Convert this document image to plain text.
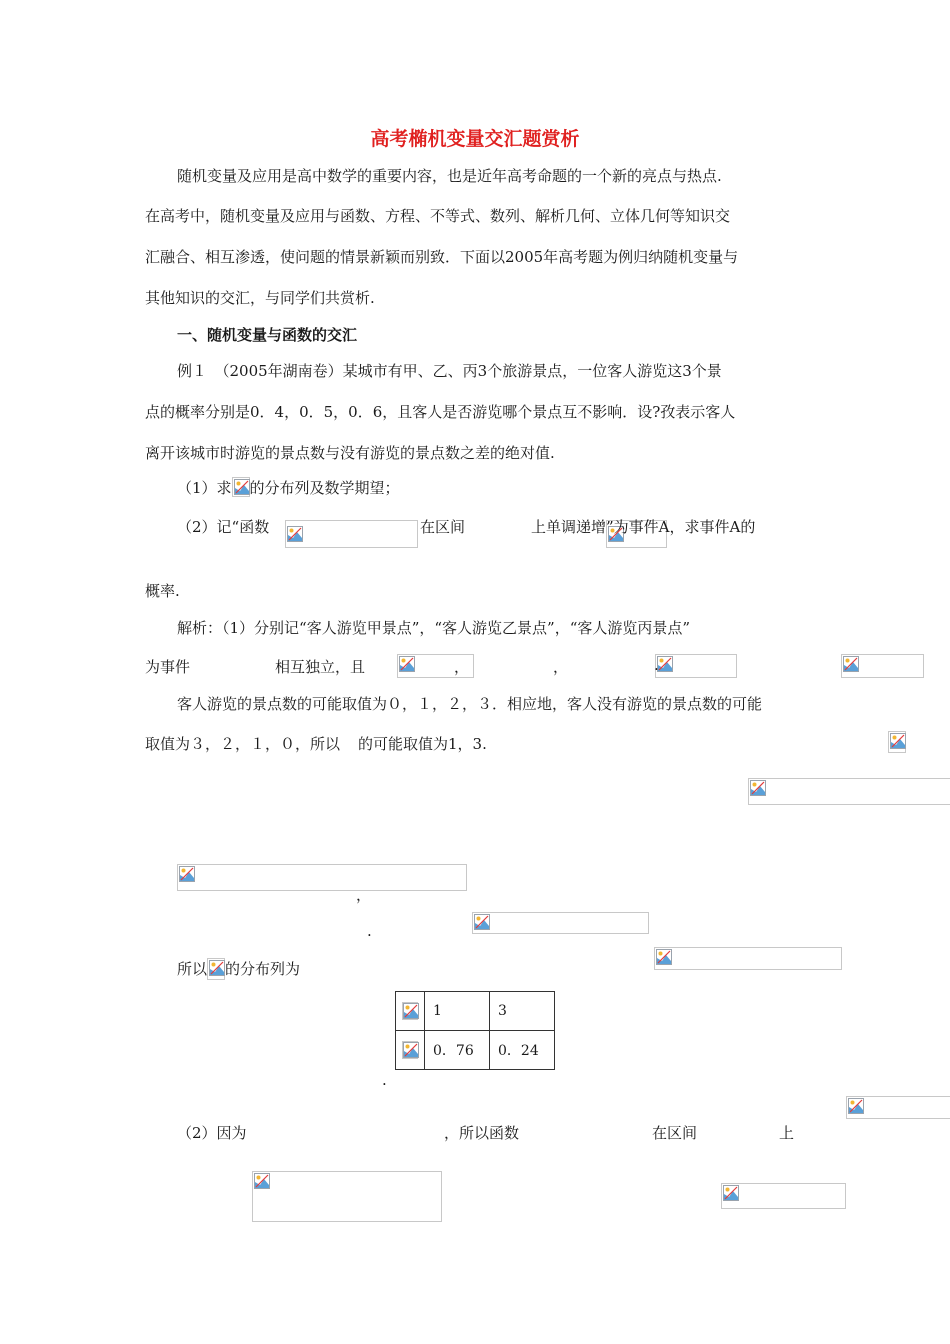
高考椭机变量交汇题赏析
随机变量及应用是高中数学的重要内容，也是近年高考命题的一个新的亮点与热点.
在高考中，随机变量及应用与函数、方程、不等式、数列、解析几何、立体几何等知识交
汇融合、相互渗透，使问题的情景新颖而别致．下面以2005年高考题为例归纳随机变量与
其他知识的交汇，与同学们共赏析.
一、随机变量与函数的交汇
例１　（2005年湖南卷）某城市有甲、乙、丙3个旅游景点，一位客人游览这3个景
点的概率分别是0．4，0．5，0．6，且客人是否游览哪个景点互不影响．设?孜表示客人
离开该城市时游览的景点数与没有游览的景点数之差的绝对值.
（1）求 的分布列及数学期望；
（2）记“函数
	在区间
	上单调递增”为事件A，求事件A的
概率.
解析：（1）分别记“客人游览甲景点”，“客人游览乙景点”，“客人游览丙景点”
为事件
	相互独立，且
	，
	，
	.
客人游览的景点数的可能取值为０，１，２，３．相应地，客人没有游览的景点数的可能
取值为３，２，１，０，所以
的可能取值为1，3.

，

.
所以 的分布列为
	1	3

	0．76	0．24

.
（2）因为
	，所以函数
	在区间	上
